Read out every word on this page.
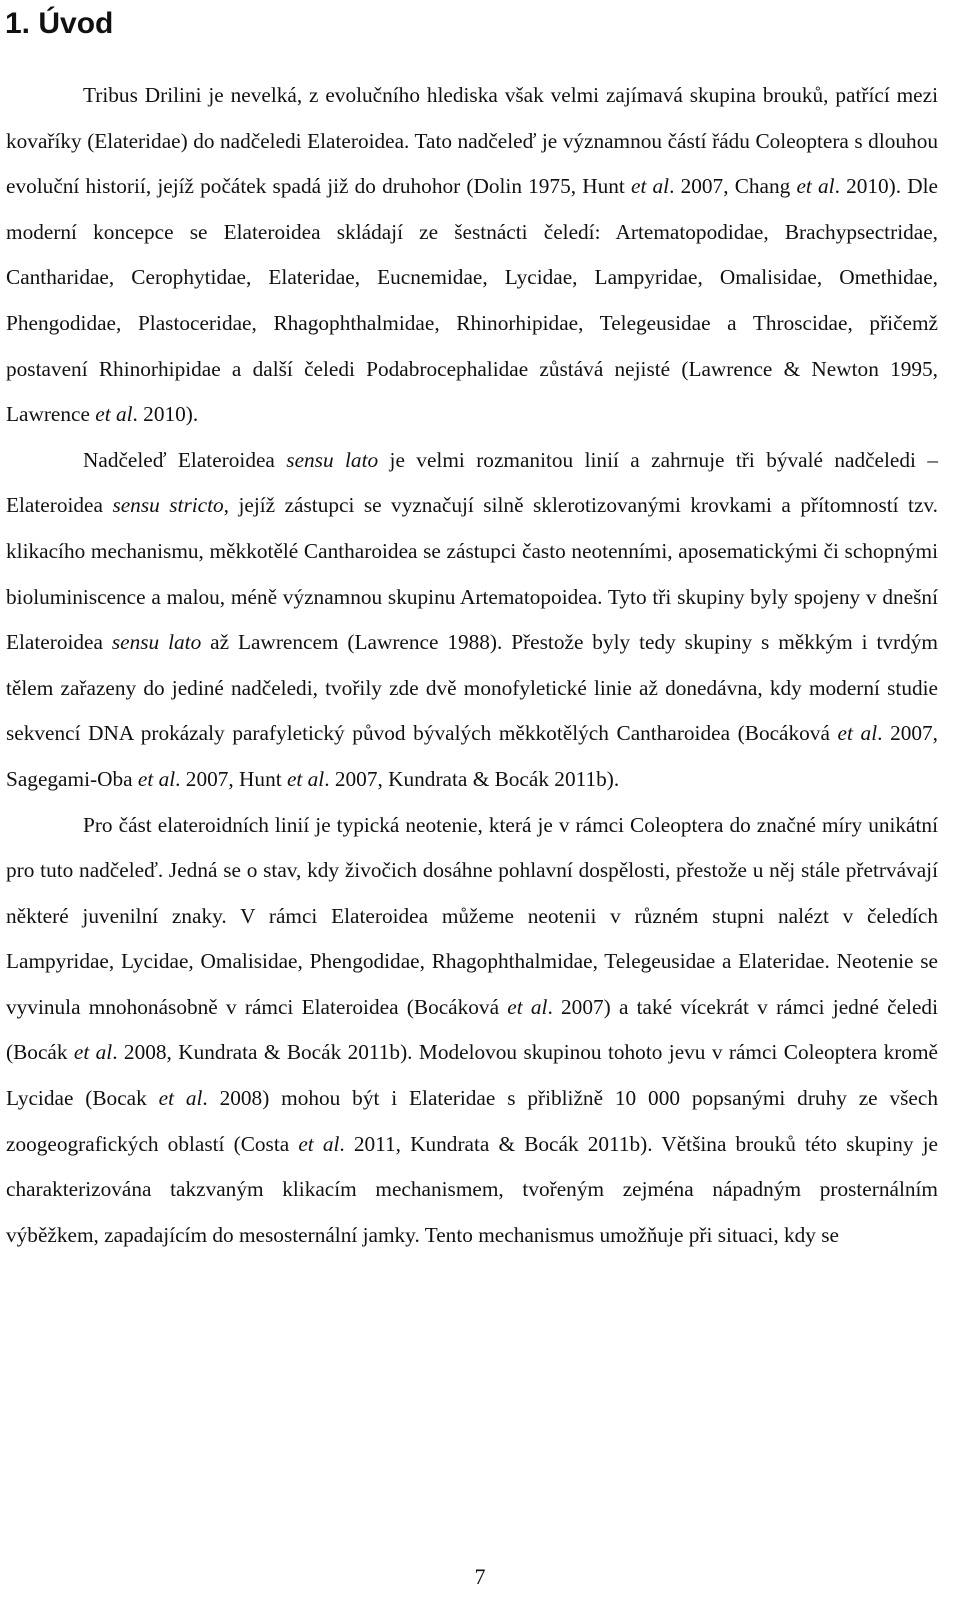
1. Úvod

Tribus Drilini je nevelká, z evolučního hlediska však velmi zajímavá skupina brouků, patřící mezi kovaříky (Elateridae) do nadčeledi Elateroidea. Tato nadčeleď je významnou částí řádu Coleoptera s dlouhou evoluční historií, jejíž počátek spadá již do druhohor (Dolin 1975, Hunt et al. 2007, Chang et al. 2010). Dle moderní koncepce se Elateroidea skládají ze šestnácti čeledí: Artematopodidae, Brachypsectridae, Cantharidae, Cerophytidae, Elateridae, Eucnemidae, Lycidae, Lampyridae, Omalisidae, Omethidae, Phengodidae, Plastoceridae, Rhagophthalmidae, Rhinorhipidae, Telegeusidae a Throscidae, přičemž postavení Rhinorhipidae a další čeledi Podabrocephalidae zůstává nejisté (Lawrence & Newton 1995, Lawrence et al. 2010).

Nadčeleď Elateroidea sensu lato je velmi rozmanitou linií a zahrnuje tři bývalé nadčeledi – Elateroidea sensu stricto, jejíž zástupci se vyznačují silně sklerotizovanými krovkami a přítomností tzv. klikacího mechanismu, měkkotělé Cantharoidea se zástupci často neotenními, aposematickými či schopnými bioluminiscence a malou, méně významnou skupinu Artematopoidea. Tyto tři skupiny byly spojeny v dnešní Elateroidea sensu lato až Lawrencem (Lawrence 1988). Přestože byly tedy skupiny s měkkým i tvrdým tělem zařazeny do jediné nadčeledi, tvořily zde dvě monofyletické linie až donedávna, kdy moderní studie sekvencí DNA prokázaly parafyletický původ bývalých měkkotělých Cantharoidea (Bocáková et al. 2007, Sagegami-Oba et al. 2007, Hunt et al. 2007, Kundrata & Bocák 2011b).

Pro část elateroidních linií je typická neotenie, která je v rámci Coleoptera do značné míry unikátní pro tuto nadčeleď. Jedná se o stav, kdy živočich dosáhne pohlavní dospělosti, přestože u něj stále přetrvávají některé juvenilní znaky. V rámci Elateroidea můžeme neotenii v různém stupni nalézt v čeledích Lampyridae, Lycidae, Omalisidae, Phengodidae, Rhagophthalmidae, Telegeusidae a Elateridae. Neotenie se vyvinula mnohonásobně v rámci Elateroidea (Bocáková et al. 2007) a také vícekrát v rámci jedné čeledi (Bocák et al. 2008, Kundrata & Bocák 2011b). Modelovou skupinou tohoto jevu v rámci Coleoptera kromě Lycidae (Bocak et al. 2008) mohou být i Elateridae s přibližně 10 000 popsanými druhy ze všech zoogeografických oblastí (Costa et al. 2011, Kundrata & Bocák 2011b). Většina brouků této skupiny je charakterizována takzvaným klikacím mechanismem, tvořeným zejména nápadným prosternálním výběžkem, zapadajícím do mesosternální jamky. Tento mechanismus umožňuje při situaci, kdy se

7
